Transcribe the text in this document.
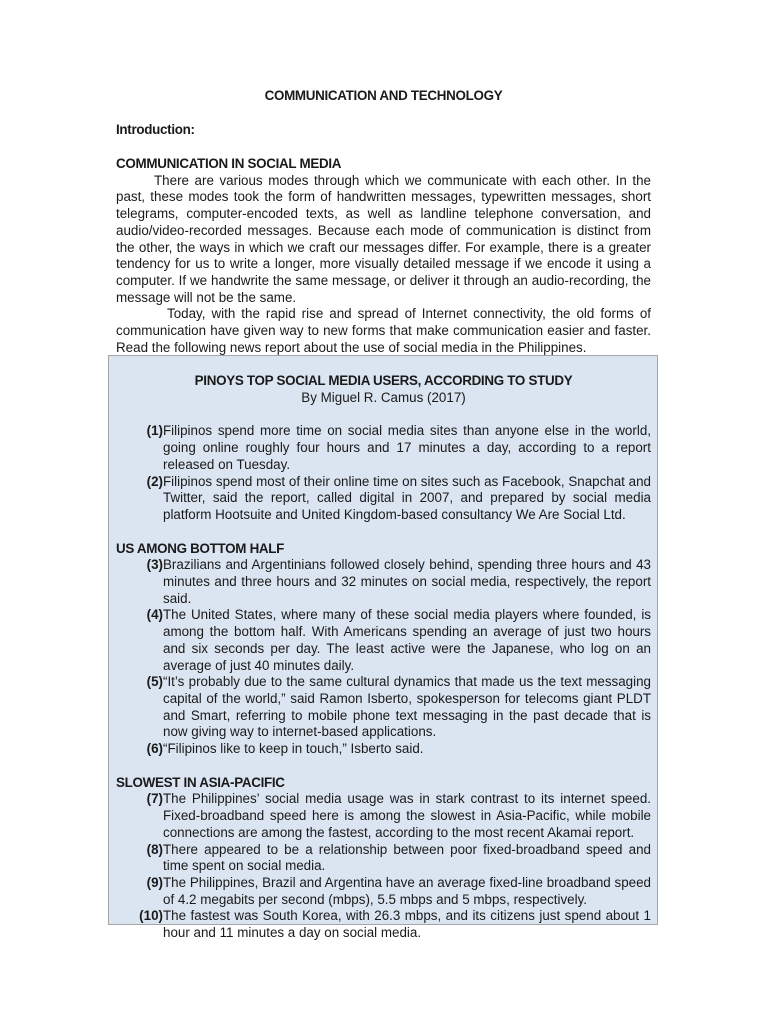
COMMUNICATION AND TECHNOLOGY
Introduction:
COMMUNICATION IN SOCIAL MEDIA

There are various modes through which we communicate with each other. In the past, these modes took the form of handwritten messages, typewritten messages, short telegrams, computer-encoded texts, as well as landline telephone conversation, and audio/video-recorded messages. Because each mode of communication is distinct from the other, the ways in which we craft our messages differ. For example, there is a greater tendency for us to write a longer, more visually detailed message if we encode it using a computer. If we handwrite the same message, or deliver it through an audio-recording, the message will not be the same.

Today, with the rapid rise and spread of Internet connectivity, the old forms of communication have given way to new forms that make communication easier and faster. Read the following news report about the use of social media in the Philippines.

PINOYS TOP SOCIAL MEDIA USERS, ACCORDING TO STUDY
By Miguel R. Camus (2017)
(1) Filipinos spend more time on social media sites than anyone else in the world, going online roughly four hours and 17 minutes a day, according to a report released on Tuesday.
(2) Filipinos spend most of their online time on sites such as Facebook, Snapchat and Twitter, said the report, called digital in 2007, and prepared by social media platform Hootsuite and United Kingdom-based consultancy We Are Social Ltd.
US AMONG BOTTOM HALF
(3) Brazilians and Argentinians followed closely behind, spending three hours and 43 minutes and three hours and 32 minutes on social media, respectively, the report said.
(4) The United States, where many of these social media players where founded, is among the bottom half. With Americans spending an average of just two hours and six seconds per day. The least active were the Japanese, who log on an average of just 40 minutes daily.
(5) “It’s probably due to the same cultural dynamics that made us the text messaging capital of the world,” said Ramon Isberto, spokesperson for telecoms giant PLDT and Smart, referring to mobile phone text messaging in the past decade that is now giving way to internet-based applications.
(6) “Filipinos like to keep in touch,” Isberto said.
SLOWEST IN ASIA-PACIFIC
(7) The Philippines’ social media usage was in stark contrast to its internet speed. Fixed-broadband speed here is among the slowest in Asia-Pacific, while mobile connections are among the fastest, according to the most recent Akamai report.
(8) There appeared to be a relationship between poor fixed-broadband speed and time spent on social media.
(9) The Philippines, Brazil and Argentina have an average fixed-line broadband speed of 4.2 megabits per second (mbps), 5.5 mbps and 5 mbps, respectively.
(10) The fastest was South Korea, with 26.3 mbps, and its citizens just spend about 1 hour and 11 minutes a day on social media.
